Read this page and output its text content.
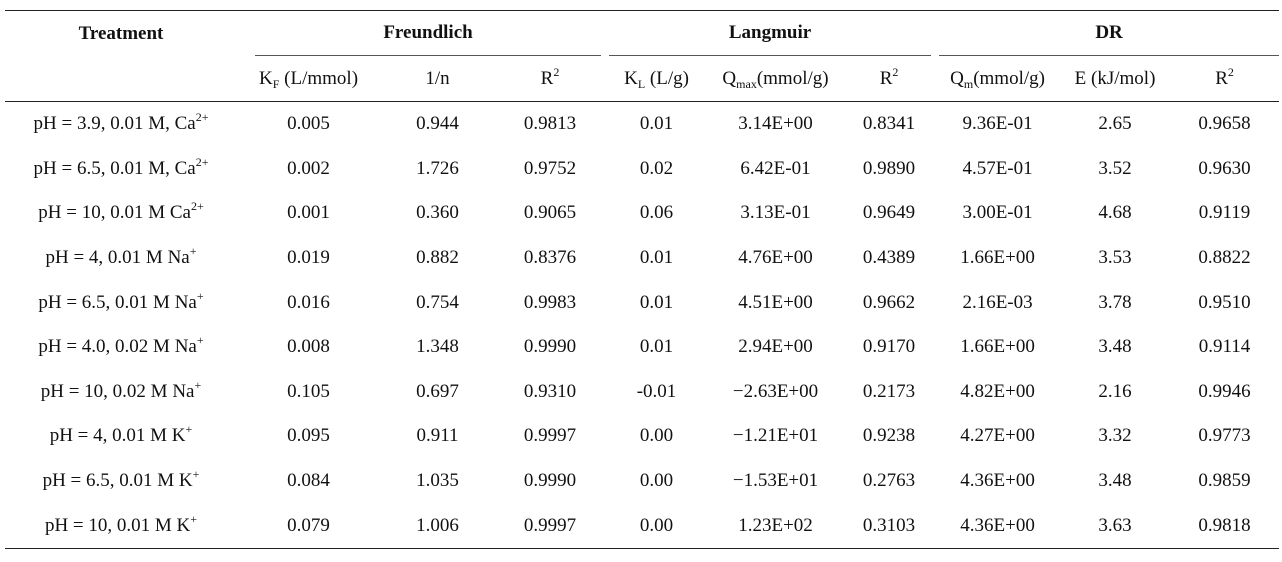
Treatment	Freundlich			Langmuir			DR		

	$K_F$ (L/mmol)	1/n	$R^2$	$K_L$ (L/g)	$Q_{max}(mmol/g)$	$R^2$	$Q_m(mmol/g)$	E (kJ/mol)	$R^2$
pH = 3.9, 0.01 M, $Ca^{2+}$	0.005	0.944	0.9813	0.01	3.14E+00	0.8341	9.36E-01	2.65	0.9658
pH = 6.5, 0.01 M, $Ca^{2+}$	0.002	1.726	0.9752	0.02	6.42E-01	0.9890	4.57E-01	3.52	0.9630
pH = 10, 0.01 M $Ca^{2+}$	0.001	0.360	0.9065	0.06	3.13E-01	0.9649	3.00E-01	4.68	0.9119
pH = 4, 0.01 M Na+	0.019	0.882	0.8376	0.01	4.76E+00	0.4389	1.66E+00	3.53	0.8822
pH = 6.5, 0.01 M Na+	0.016	0.754	0.9983	0.01	4.51E+00	0.9662	2.16E-03	3.78	0.9510
pH = 4.0, 0.02 M Na+	0.008	1.348	0.9990	0.01	2.94E+00	0.9170	1.66E+00	3.48	0.9114
pH = 10, 0.02 M Na+	0.105	0.697	0.9310	-0.01	−2.63E+00	0.2173	4.82E+00	2.16	0.9946
pH = 4, 0.01 M K+	0.095	0.911	0.9997	0.00	−1.21E+01	0.9238	4.27E+00	3.32	0.9773
pH = 6.5, 0.01 M K+	0.084	1.035	0.9990	0.00	−1.53E+01	0.2763	4.36E+00	3.48	0.9859
pH = 10, 0.01 M K+	0.079	1.006	0.9997	0.00	1.23E+02	0.3103	4.36E+00	3.63	0.9818
